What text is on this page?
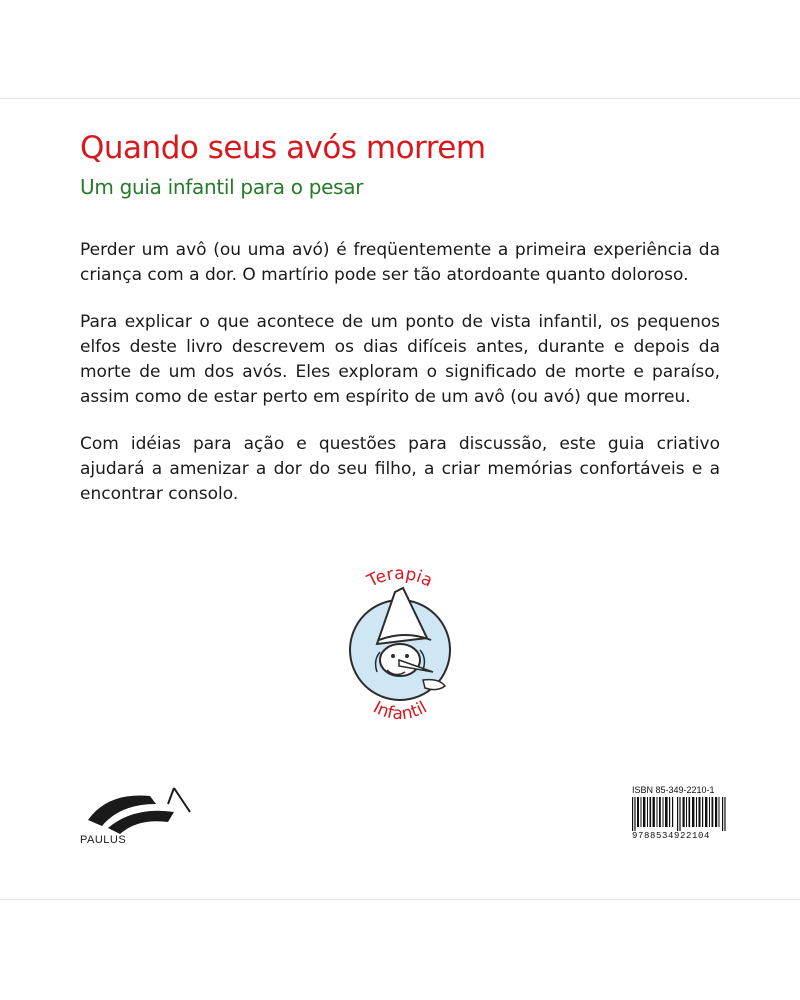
Quando seus avós morrem
Um guia infantil para o pesar

Perder um avô (ou uma avó) é freqüentemente a primeira experiência da criança com a dor. O martírio pode ser tão atordoante quanto doloroso.

Para explicar o que acontece de um ponto de vista infantil, os pequenos elfos deste livro descrevem os dias difíceis antes, durante e depois da morte de um dos avós. Eles exploram o significado de morte e paraíso, assim como de estar perto em espírito de um avô (ou avó) que morreu.

Com idéias para ação e questões para discussão, este guia criativo ajudará a amenizar a dor do seu filho, a criar memórias confortáveis e a encontrar consolo.

Terapia
Infantil
PAULUS
ISBN 85-349-2210-1
9788534922104
